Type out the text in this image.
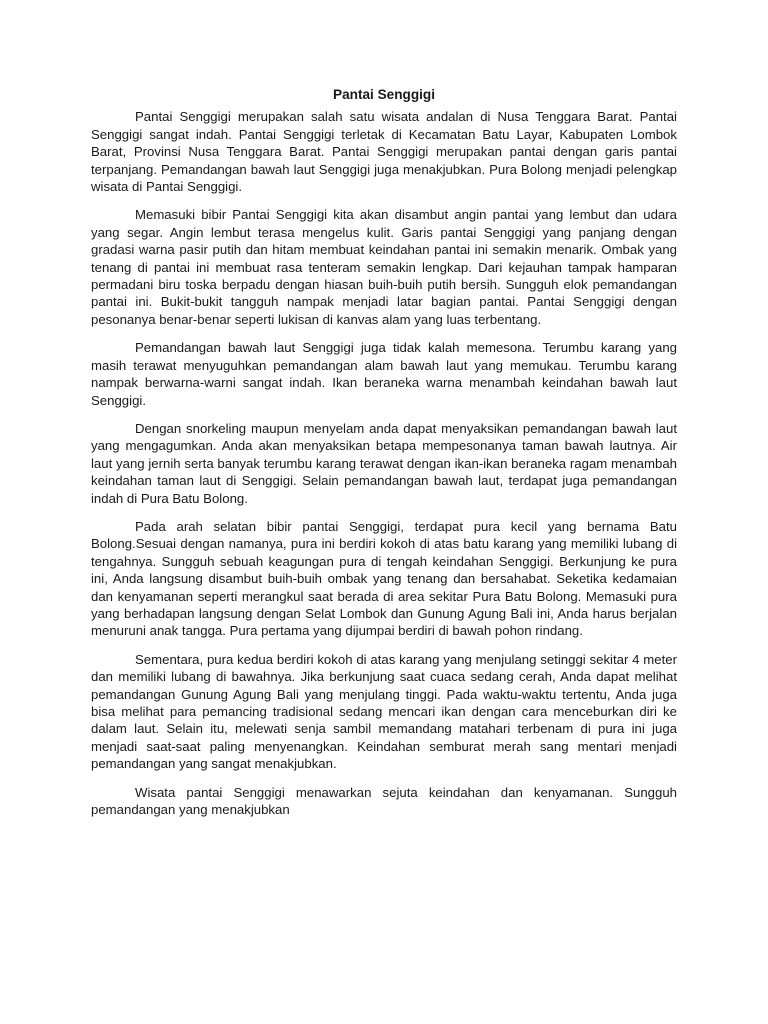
Pantai Senggigi

Pantai Senggigi merupakan salah satu wisata andalan di Nusa Tenggara Barat. Pantai Senggigi sangat indah. Pantai Senggigi terletak di Kecamatan Batu Layar, Kabupaten Lombok Barat, Provinsi Nusa Tenggara Barat. Pantai Senggigi merupakan pantai dengan garis pantai terpanjang. Pemandangan bawah laut Senggigi juga menakjubkan. Pura Bolong menjadi pelengkap wisata di Pantai Senggigi.

Memasuki bibir Pantai Senggigi kita akan disambut angin pantai yang lembut dan udara yang segar. Angin lembut terasa mengelus kulit. Garis pantai Senggigi yang panjang dengan gradasi warna pasir putih dan hitam membuat keindahan pantai ini semakin menarik. Ombak yang tenang di pantai ini membuat rasa tenteram semakin lengkap. Dari kejauhan tampak hamparan permadani biru toska berpadu dengan hiasan buih-buih putih bersih. Sungguh elok pemandangan pantai ini. Bukit-bukit tangguh nampak menjadi latar bagian pantai. Pantai Senggigi dengan pesonanya benar-benar seperti lukisan di kanvas alam yang luas terbentang.

Pemandangan bawah laut Senggigi juga tidak kalah memesona. Terumbu karang yang masih terawat menyuguhkan pemandangan alam bawah laut yang memukau. Terumbu karang nampak berwarna-warni sangat indah. Ikan beraneka warna menambah keindahan bawah laut Senggigi.

Dengan snorkeling maupun menyelam anda dapat menyaksikan pemandangan bawah laut yang mengagumkan. Anda akan menyaksikan betapa mempesonanya taman bawah lautnya. Air laut yang jernih serta banyak terumbu karang terawat dengan ikan-ikan beraneka ragam menambah keindahan taman laut di Senggigi. Selain pemandangan bawah laut, terdapat juga pemandangan indah di Pura Batu Bolong.

Pada arah selatan bibir pantai Senggigi, terdapat pura kecil yang bernama Batu Bolong.Sesuai dengan namanya, pura ini berdiri kokoh di atas batu karang yang memiliki lubang di tengahnya. Sungguh sebuah keagungan pura di tengah keindahan Senggigi. Berkunjung ke pura ini, Anda langsung disambut buih-buih ombak yang tenang dan bersahabat. Seketika kedamaian dan kenyamanan seperti merangkul saat berada di area sekitar Pura Batu Bolong. Memasuki pura yang berhadapan langsung dengan Selat Lombok dan Gunung Agung Bali ini, Anda harus berjalan menuruni anak tangga. Pura pertama yang dijumpai berdiri di bawah pohon rindang.

Sementara, pura kedua berdiri kokoh di atas karang yang menjulang setinggi sekitar 4 meter dan memiliki lubang di bawahnya. Jika berkunjung saat cuaca sedang cerah, Anda dapat melihat pemandangan Gunung Agung Bali yang menjulang tinggi. Pada waktu-waktu tertentu, Anda juga bisa melihat para pemancing tradisional sedang mencari ikan dengan cara menceburkan diri ke dalam laut. Selain itu, melewati senja sambil memandang matahari terbenam di pura ini juga menjadi saat-saat paling menyenangkan. Keindahan semburat merah sang mentari menjadi pemandangan yang sangat menakjubkan.

Wisata pantai Senggigi menawarkan sejuta keindahan dan kenyamanan. Sungguh pemandangan yang menakjubkan
